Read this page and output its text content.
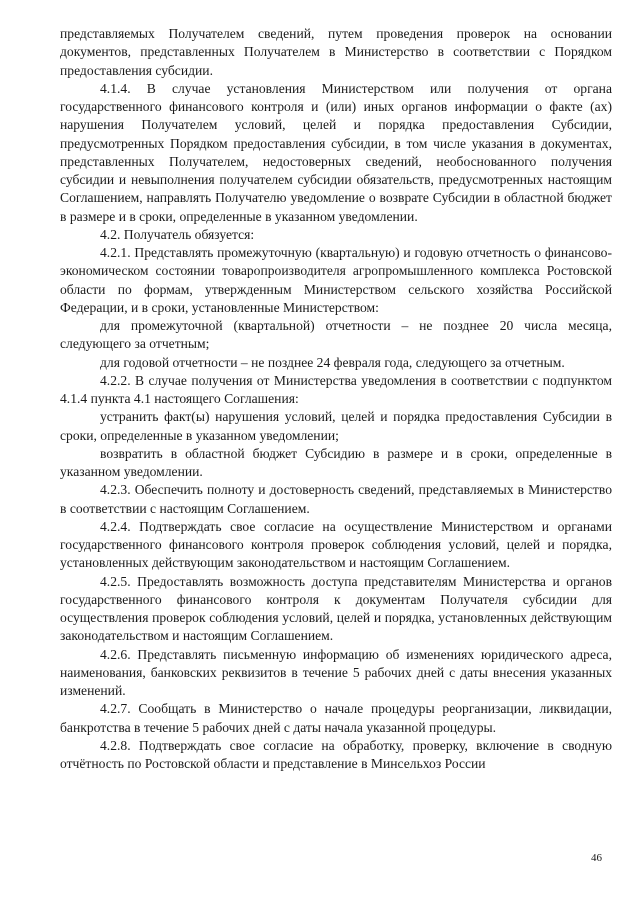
представляемых Получателем сведений, путем проведения проверок на основании документов, представленных Получателем в Министерство в соответствии с Порядком предоставления субсидии.

4.1.4. В случае установления Министерством или получения от органа государственного финансового контроля и (или) иных органов информации о факте (ах) нарушения Получателем условий, целей и порядка предоставления Субсидии, предусмотренных Порядком предоставления субсидии, в том числе указания в документах, представленных Получателем, недостоверных сведений, необоснованного получения субсидии и невыполнения получателем субсидии обязательств, предусмотренных настоящим Соглашением, направлять Получателю уведомление о возврате Субсидии в областной бюджет в размере и в сроки, определенные в указанном уведомлении.

4.2. Получатель обязуется:

4.2.1. Представлять промежуточную (квартальную) и годовую отчетность о финансово-экономическом состоянии товаропроизводителя агропромышленного комплекса Ростовской области по формам, утвержденным Министерством сельского хозяйства Российской Федерации, и в сроки, установленные Министерством:

для промежуточной (квартальной) отчетности – не позднее 20 числа месяца, следующего за отчетным;

для годовой отчетности – не позднее 24 февраля года, следующего за отчетным.

4.2.2. В случае получения от Министерства уведомления в соответствии с подпунктом 4.1.4 пункта 4.1 настоящего Соглашения:

устранить факт(ы) нарушения условий, целей и порядка предоставления Субсидии в сроки, определенные в указанном уведомлении;

возвратить в областной бюджет Субсидию в размере и в сроки, определенные в указанном уведомлении.

4.2.3. Обеспечить полноту и достоверность сведений, представляемых в Министерство в соответствии с настоящим Соглашением.

4.2.4. Подтверждать свое согласие на осуществление Министерством и органами государственного финансового контроля проверок соблюдения условий, целей и порядка, установленных действующим законодательством и настоящим Соглашением.

4.2.5. Предоставлять возможность доступа представителям Министерства и органов государственного финансового контроля к документам Получателя субсидии для осуществления проверок соблюдения условий, целей и порядка, установленных действующим законодательством и настоящим Соглашением.

4.2.6. Представлять письменную информацию об изменениях юридического адреса, наименования, банковских реквизитов в течение 5 рабочих дней с даты внесения указанных изменений.

4.2.7. Сообщать в Министерство о начале процедуры реорганизации, ликвидации, банкротства в течение 5 рабочих дней с даты начала указанной процедуры.

4.2.8. Подтверждать свое согласие на обработку, проверку, включение в сводную отчётность по Ростовской области и представление в Минсельхоз России

46
